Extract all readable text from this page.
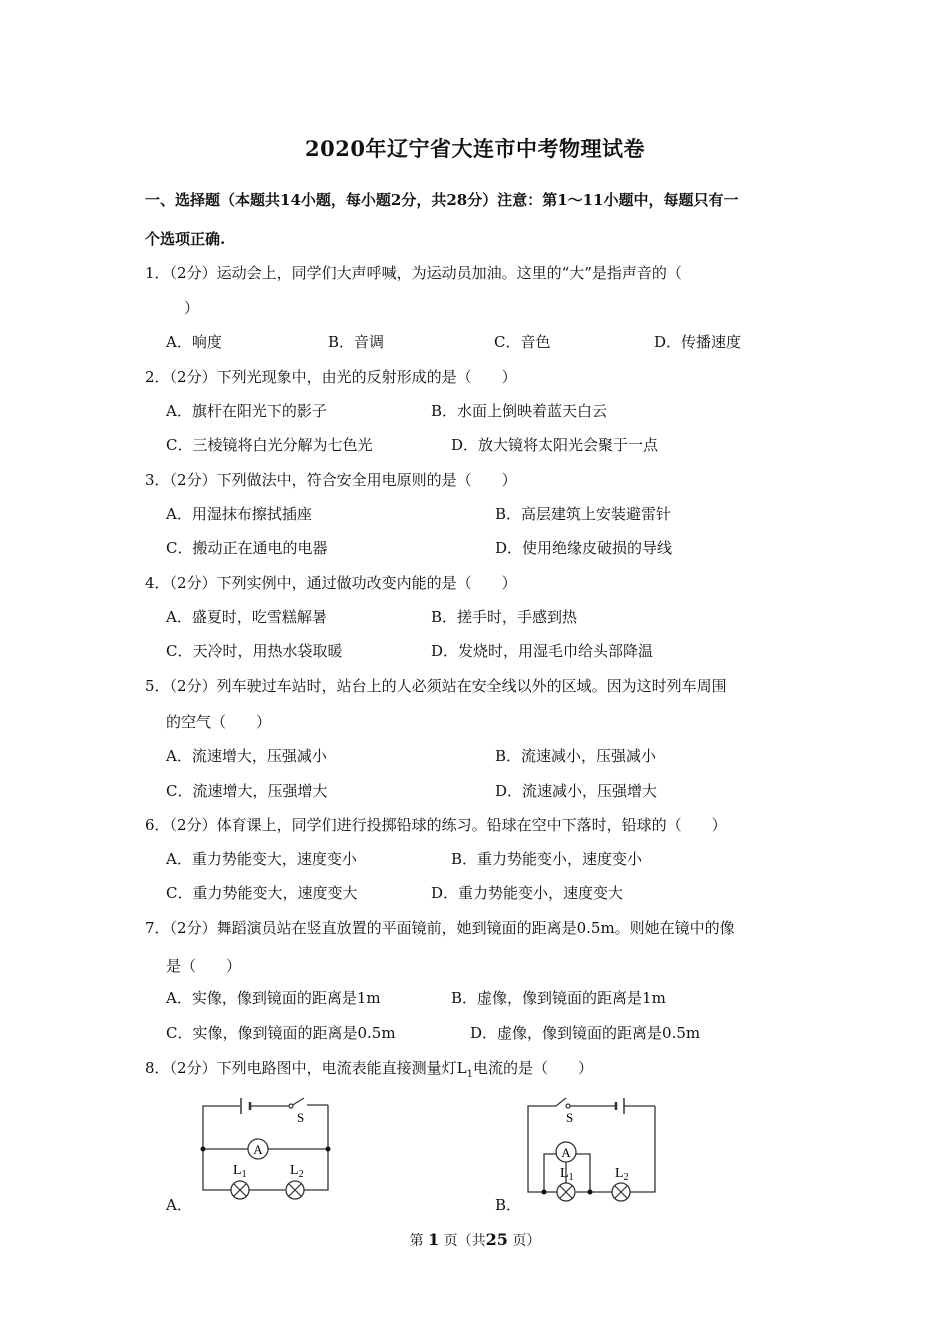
2020年辽宁省大连市中考物理试卷
一、选择题（本题共14小题，每小题2分，共28分）注意：第1～11小题中，每题只有一
个选项正确.
1．（2分）运动会上，同学们大声呼喊，为运动员加油。这里的“大”是指声音的（
）
A．响度	B．音调	C．音色	D．传播速度
2．（2分）下列光现象中，由光的反射形成的是（　　）
A．旗杆在阳光下的影子	B．水面上倒映着蓝天白云
C．三棱镜将白光分解为七色光	D．放大镜将太阳光会聚于一点
3．（2分）下列做法中，符合安全用电原则的是（　　）
A．用湿抹布擦拭插座	B．高层建筑上安装避雷针
C．搬动正在通电的电器	D．使用绝缘皮破损的导线
4．（2分）下列实例中，通过做功改变内能的是（　　）
A．盛夏时，吃雪糕解暑	B．搓手时，手感到热
C．天冷时，用热水袋取暖	D．发烧时，用湿毛巾给头部降温
5．（2分）列车驶过车站时，站台上的人必须站在安全线以外的区域。因为这时列车周围
的空气（　　）
A．流速增大，压强减小	B．流速减小，压强减小
C．流速增大，压强增大	D．流速减小，压强增大
6．（2分）体育课上，同学们进行投掷铅球的练习。铅球在空中下落时，铅球的（　　）
A．重力势能变大，速度变小	B．重力势能变小，速度变小
C．重力势能变大，速度变大	D．重力势能变小，速度变大
7．（2分）舞蹈演员站在竖直放置的平面镜前，她到镜面的距离是0.5m。则她在镜中的像
是（　　）
A．实像，像到镜面的距离是1m	B．虚像，像到镜面的距离是1m
C．实像，像到镜面的距离是0.5m	D．虚像，像到镜面的距离是0.5m
8．（2分）下列电路图中，电流表能直接测量灯$L_1$电流的是（　　）
A．	B．
S
A
$L_1$	$L_2$
S
A
$L_1$	$L_2$
第 1 页（共25 页）
